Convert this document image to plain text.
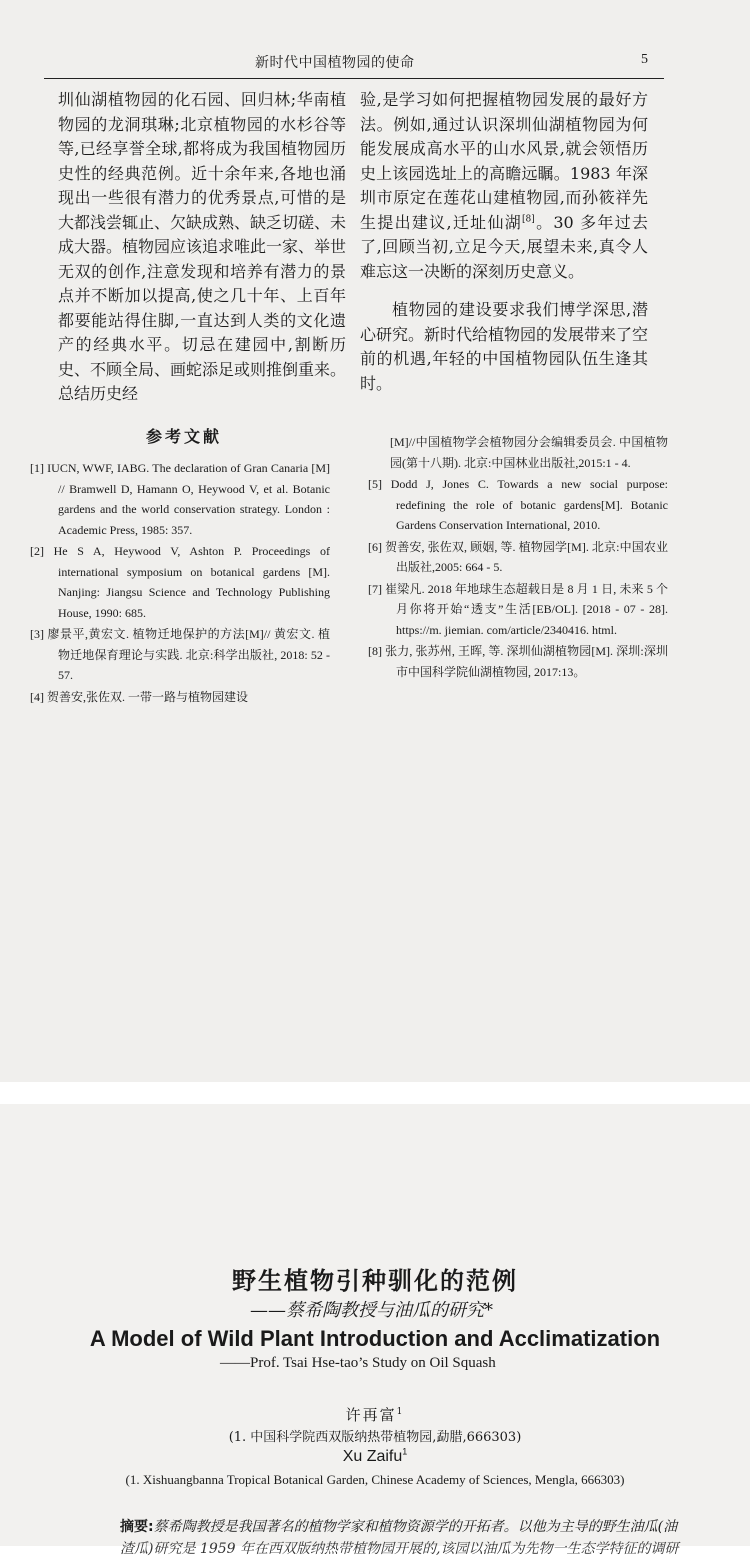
新时代中国植物园的使命	5

圳仙湖植物园的化石园、回归林;华南植物园的龙洞琪琳;北京植物园的水杉谷等等,已经享誉全球,都将成为我国植物园历史性的经典范例。近十余年来,各地也涌现出一些很有潜力的优秀景点,可惜的是大都浅尝辄止、欠缺成熟、缺乏切磋、未成大器。植物园应该追求唯此一家、举世无双的创作,注意发现和培养有潜力的景点并不断加以提高,使之几十年、上百年都要能站得住脚,一直达到人类的文化遗产的经典水平。切忌在建园中,割断历史、不顾全局、画蛇添足或则推倒重来。总结历史经

验,是学习如何把握植物园发展的最好方法。例如,通过认识深圳仙湖植物园为何能发展成高水平的山水风景,就会领悟历史上该园选址上的高瞻远瞩。1983 年深圳市原定在莲花山建植物园,而孙筱祥先生提出建议,迁址仙湖[8]。30 多年过去了,回顾当初,立足今天,展望未来,真令人难忘这一决断的深刻历史意义。

植物园的建设要求我们博学深思,潜心研究。新时代给植物园的发展带来了空前的机遇,年轻的中国植物园队伍生逢其时。

参考文献

[1] IUCN, WWF, IABG. The declaration of Gran Canaria [M] // Bramwell D, Hamann O, Heywood V, et al. Botanic gardens and the world conservation strategy. London : Academic Press, 1985: 357.

[2] He S A, Heywood V, Ashton P. Proceedings of international symposium on botanical gardens [M]. Nanjing: Jiangsu Science and Technology Publishing House, 1990: 685.

[3] 廖景平,黄宏文. 植物迁地保护的方法[M]// 黄宏文. 植物迁地保育理论与实践. 北京:科学出版社, 2018: 52 - 57.

[4] 贺善安,张佐双. 一带一路与植物园建设

[M]//中国植物学会植物园分会编辑委员会. 中国植物园(第十八期). 北京:中国林业出版社,2015:1 - 4.

[5] Dodd J, Jones C. Towards a new social purpose: redefining the role of botanic gardens[M]. Botanic Gardens Conservation International, 2010.

[6] 贺善安, 张佐双, 顾姻, 等. 植物园学[M]. 北京:中国农业出版社,2005: 664 - 5.

[7] 崔梁凡. 2018 年地球生态超载日是 8 月 1 日, 未来 5 个月你将开始“透支”生活[EB/OL]. [2018 - 07 - 28]. https://m. jiemian. com/article/2340416. html.

[8] 张力, 张苏州, 王晖, 等. 深圳仙湖植物园[M]. 深圳:深圳市中国科学院仙湖植物园, 2017:13。

野生植物引种驯化的范例
——蔡希陶教授与油瓜的研究*
A Model of Wild Plant Introduction and Acclimatization
——Prof. Tsai Hse-tao’s Study on Oil Squash
许再富$^1$
(1. 中国科学院西双版纳热带植物园,勐腊,666303)
Xu Zaifu$^1$
(1. Xishuangbanna Tropical Botanical Garden, Chinese Academy of Sciences, Mengla, 666303)
摘要:蔡希陶教授是我国著名的植物学家和植物资源学的开拓者。以他为主导的野生油瓜(油
渣瓜)研究是 1959 年在西双版纳热带植物园开展的,该园以油瓜为先物一生态学特征的调研
